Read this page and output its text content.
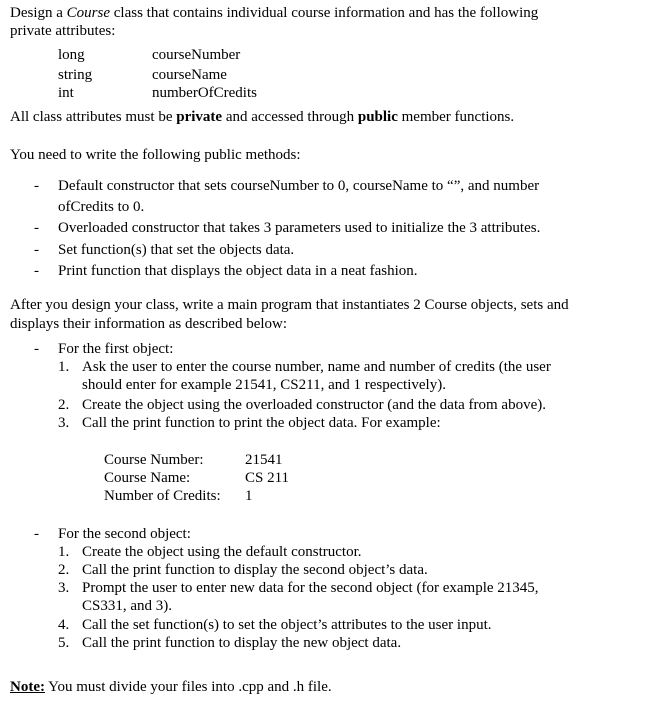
Design a Course class that contains individual course information and has the following
private attributes:
long	courseNumber
string	courseName
int	numberOfCredits
All class attributes must be private and accessed through public member functions.
You need to write the following public methods:
- Default constructor that sets courseNumber to 0, courseName to “”, and number
ofCredits to 0.
- Overloaded constructor that takes 3 parameters used to initialize the 3 attributes.
- Set function(s) that set the objects data.
- Print function that displays the object data in a neat fashion.
After you design your class, write a main program that instantiates 2 Course objects, sets and
displays their information as described below:
- For the first object:
1. Ask the user to enter the course number, name and number of credits (the user
should enter for example 21541, CS211, and 1 respectively).
2. Create the object using the overloaded constructor (and the data from above).
3. Call the print function to print the object data. For example:
Course Number:	21541
Course Name:	CS 211
Number of Credits: 1
- For the second object:
1. Create the object using the default constructor.
2. Call the print function to display the second object’s data.
3. Prompt the user to enter new data for the second object (for example 21345,
CS331, and 3).
4. Call the set function(s) to set the object’s attributes to the user input.
5. Call the print function to display the new object data.
Note: You must divide your files into .cpp and .h file.
